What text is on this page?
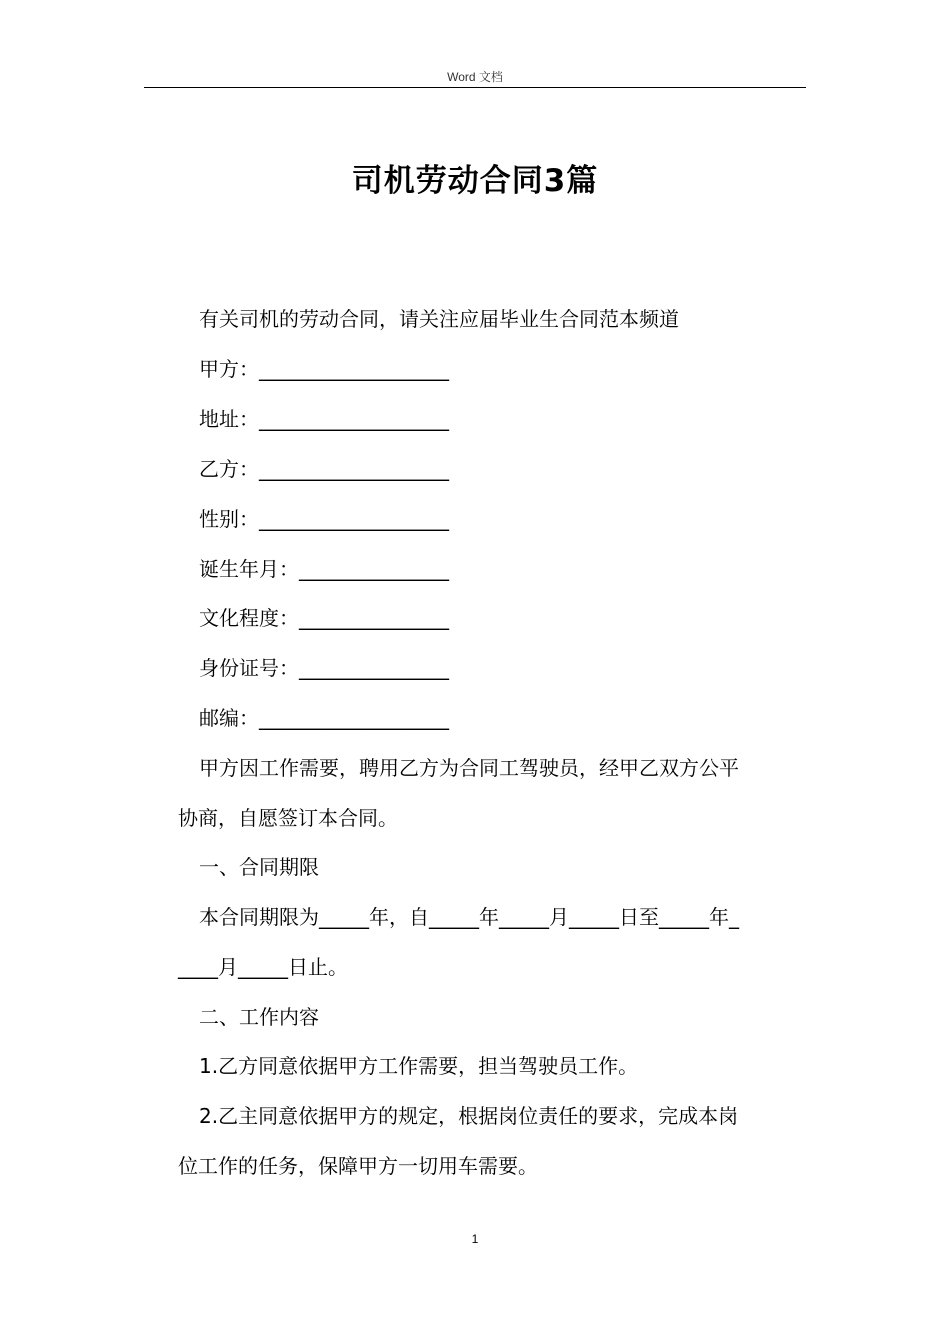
Word 文档
司机劳动合同3篇
有关司机的劳动合同，请关注应届毕业生合同范本频道
甲方：___________________
地址：___________________
乙方：___________________
性别：___________________
诞生年月：_______________
文化程度：_______________
身份证号：_______________
邮编：___________________
甲方因工作需要，聘用乙方为合同工驾驶员，经甲乙双方公平
协商，自愿签订本合同。
一、合同期限
本合同期限为_____年，自_____年_____月_____日至_____年_
____月_____日止。
二、工作内容
1.乙方同意依据甲方工作需要，担当驾驶员工作。
2.乙主同意依据甲方的规定，根据岗位责任的要求，完成本岗
位工作的任务，保障甲方一切用车需要。
1
